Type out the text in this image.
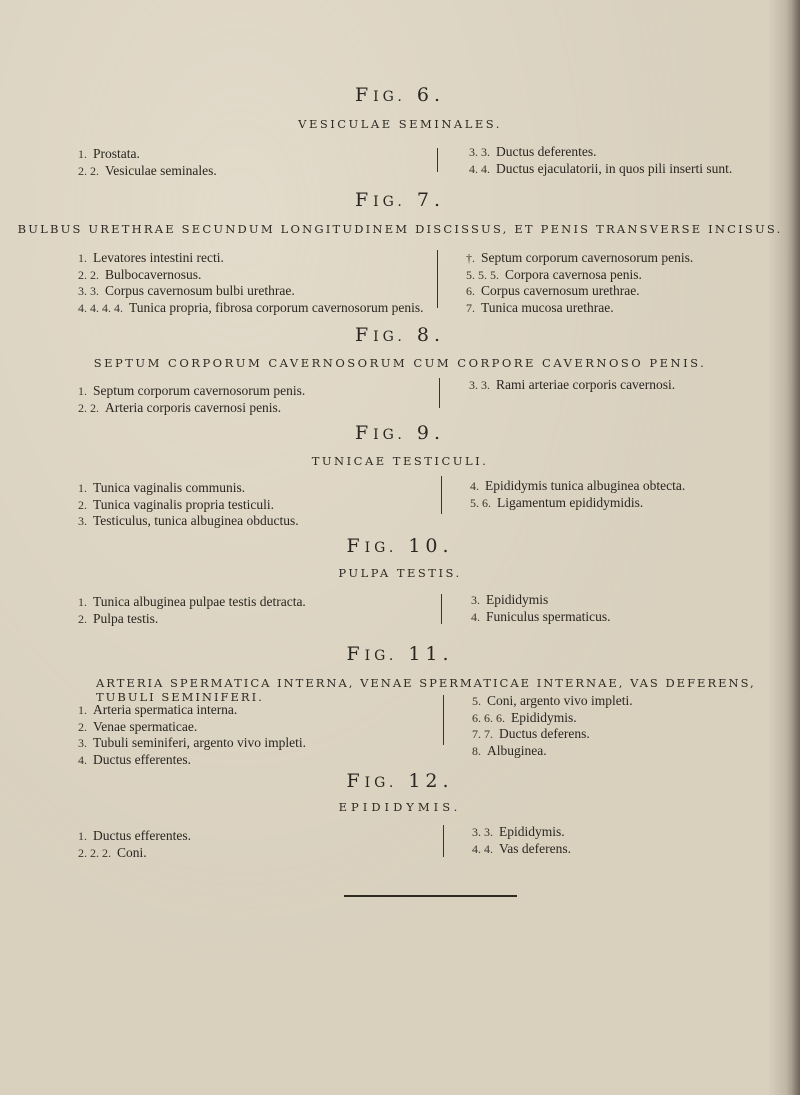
FIG. 6.
VESICULAE SEMINALES.
1. Prostata.
2. 2. Vesiculae seminales.
3. 3. Ductus deferentes.
4. 4. Ductus ejaculatorii, in quos pili inserti sunt.
FIG. 7.
BULBUS URETHRAE SECUNDUM LONGITUDINEM DISCISSUS, ET PENIS TRANSVERSE INCISUS.
1. Levatores intestini recti.
2. 2. Bulbocavernosus.
3. 3. Corpus cavernosum bulbi urethrae.
4. 4. 4. 4. Tunica propria, fibrosa corporum cavernosorum penis.
†. Septum corporum cavernosorum penis.
5. 5. 5. Corpora cavernosa penis.
6. Corpus cavernosum urethrae.
7. Tunica mucosa urethrae.
FIG. 8.
SEPTUM CORPORUM CAVERNOSORUM CUM CORPORE CAVERNOSO PENIS.
1. Septum corporum cavernosorum penis.
2. 2. Arteria corporis cavernosi penis.
3. 3. Rami arteriae corporis cavernosi.
FIG. 9.
TUNICAE TESTICULI.
1. Tunica vaginalis communis.
2. Tunica vaginalis propria testiculi.
3. Testiculus, tunica albuginea obductus.
4. Epididymis tunica albuginea obtecta.
5. 6. Ligamentum epididymidis.
FIG. 10.
PULPA TESTIS.
1. Tunica albuginea pulpae testis detracta.
2. Pulpa testis.
3. Epididymis
4. Funiculus spermaticus.
FIG. 11.
ARTERIA SPERMATICA INTERNA, VENAE SPERMATICAE INTERNAE, VAS DEFERENS, TUBULI SEMINIFERI.
1. Arteria spermatica interna.
2. Venae spermaticae.
3. Tubuli seminiferi, argento vivo impleti.
4. Ductus efferentes.
5. Coni, argento vivo impleti.
6. 6. 6. Epididymis.
7. 7. Ductus deferens.
8. Albuginea.
FIG. 12.
EPIDIDYMIS.
1. Ductus efferentes.
2. 2. 2. Coni.
3. 3. Epididymis.
4. 4. Vas deferens.
